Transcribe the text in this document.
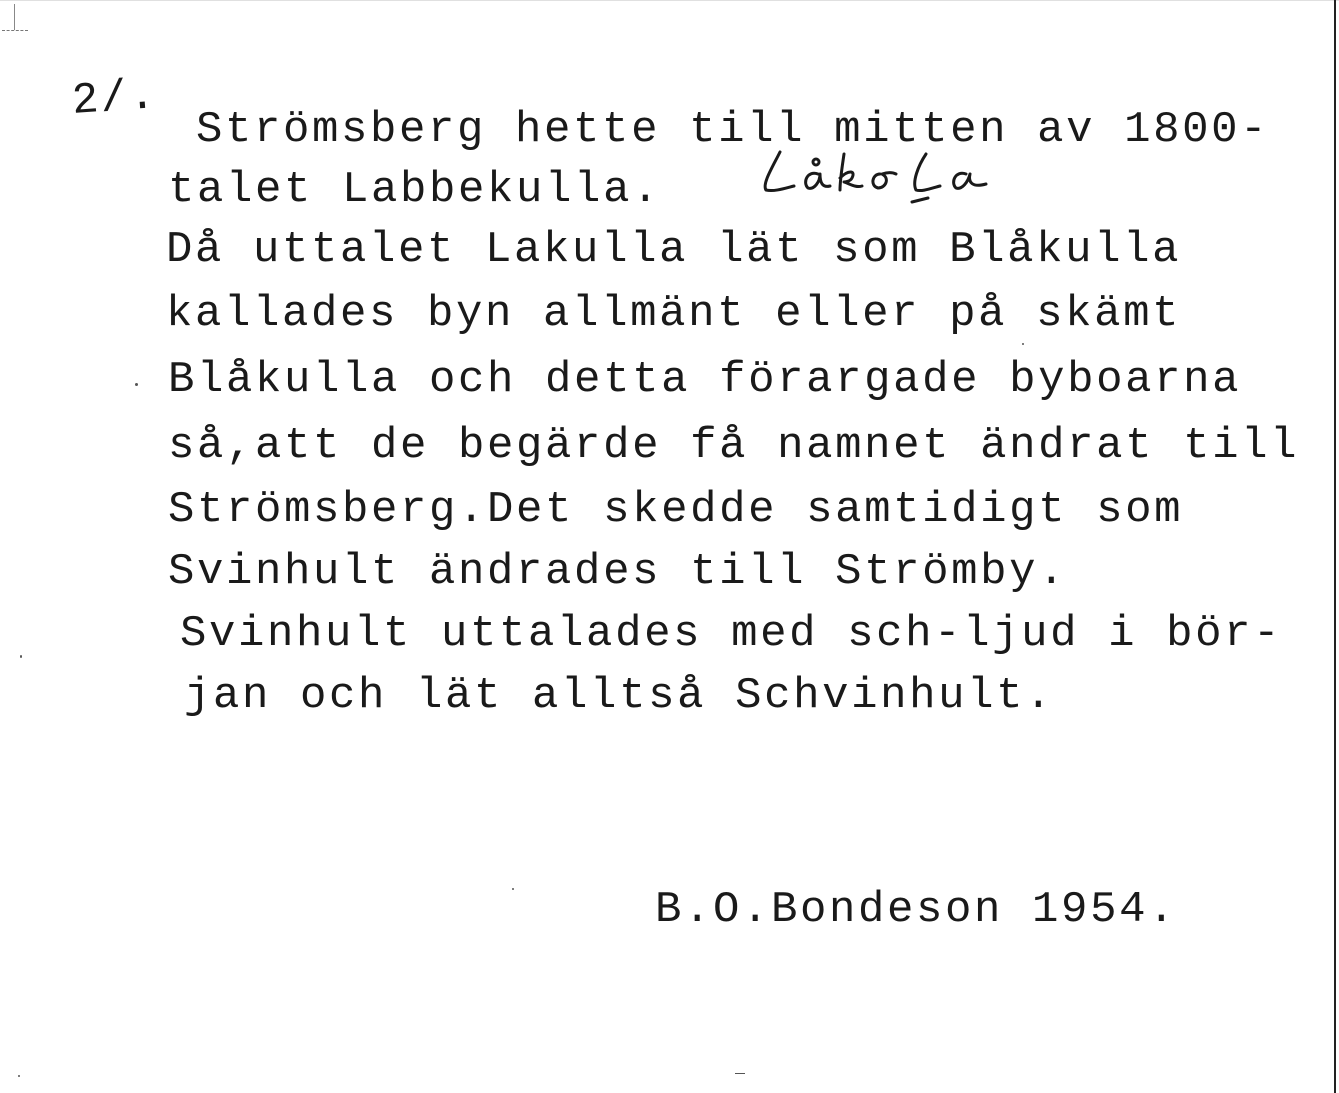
2/.
Strömsberg hette till mitten av 1800-
talet Labbekulla.
Då uttalet Lakulla lät som Blåkulla
kallades byn allmänt eller på skämt
Blåkulla och detta förargade byboarna
så,att de begärde få namnet ändrat till
Strömsberg.Det skedde samtidigt som
Svinhult ändrades till Strömby.
Svinhult uttalades med sch-ljud i bör-
jan och lät alltså Schvinhult.
B.O.Bondeson 1954.
